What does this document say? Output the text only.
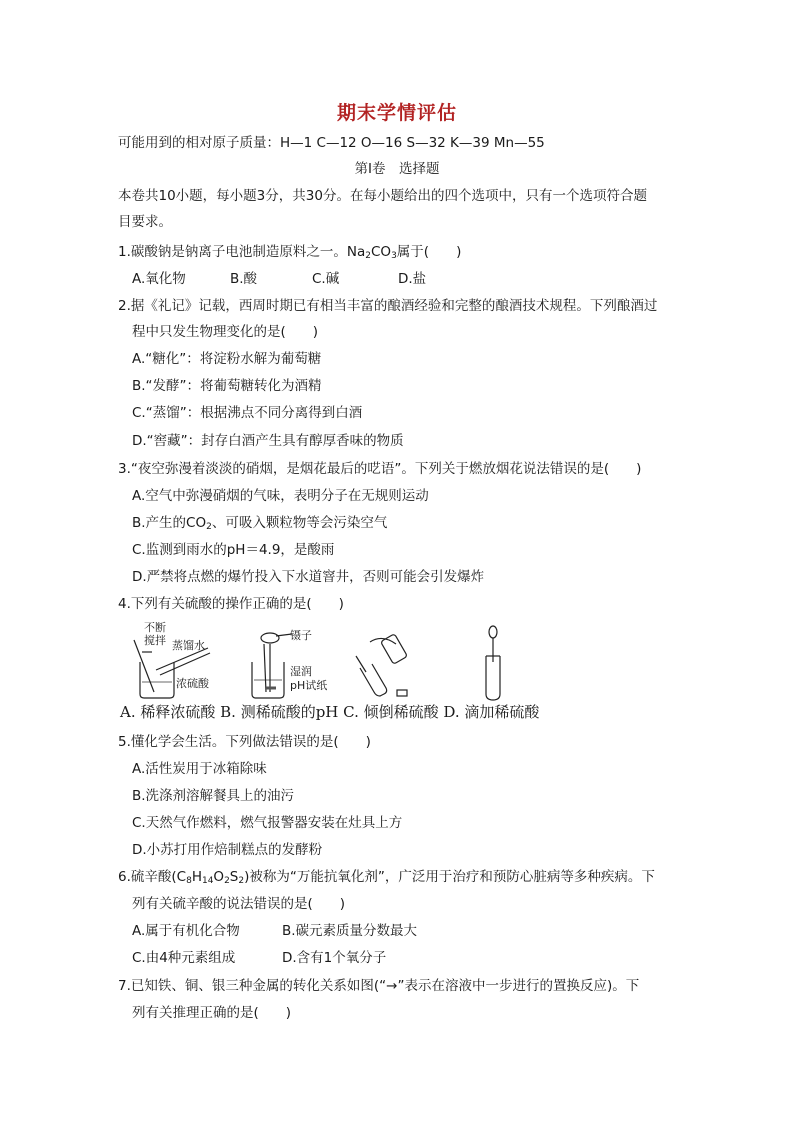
期末学情评估
可能用到的相对原子质量：H—1 C—12 O—16 S—32 K—39 Mn—55
第Ⅰ卷　选择题
本卷共10小题，每小题3分，共30分。在每小题给出的四个选项中，只有一个选项符合题
目要求。
1.碳酸钠是钠离子电池制造原料之一。$Na_2CO_3$属于(　　)
A.氧化物	B.酸	C.碱	D.盐
2.据《礼记》记载，西周时期已有相当丰富的酿酒经验和完整的酿酒技术规程。下列酿酒过
程中只发生物理变化的是(　　)
A.“糖化”：将淀粉水解为葡萄糖
B.“发酵”：将葡萄糖转化为酒精
C.“蒸馏”：根据沸点不同分离得到白酒
D.“窖藏”：封存白酒产生具有醇厚香味的物质
3.“夜空弥漫着淡淡的硝烟，是烟花最后的呓语”。下列关于燃放烟花说法错误的是(　　)
A.空气中弥漫硝烟的气味，表明分子在无规则运动
B.产生的$CO_2$、可吸入颗粒物等会污染空气
C.监测到雨水的pH＝4.9，是酸雨
D.严禁将点燃的爆竹投入下水道窨井，否则可能会引发爆炸
4.下列有关硫酸的操作正确的是(　　)
不断
搅拌 蒸馏水
浓硫酸
镊子
湿润
pH试纸
A. 稀释浓硫酸 B. 测稀硫酸的pH C. 倾倒稀硫酸 D. 滴加稀硫酸
5.懂化学会生活。下列做法错误的是(　　)
A.活性炭用于冰箱除味
B.洗涤剂溶解餐具上的油污
C.天然气作燃料，燃气报警器安装在灶具上方
D.小苏打用作焙制糕点的发酵粉
6.硫辛酸$(C_8H_{14}O_2S_2)$被称为“万能抗氧化剂”，广泛用于治疗和预防心脏病等多种疾病。下
列有关硫辛酸的说法错误的是(　　)
A.属于有机化合物	B.碳元素质量分数最大
C.由4种元素组成	D.含有1个氧分子
7.已知铁、铜、银三种金属的转化关系如图(“→”表示在溶液中一步进行的置换反应)。下
列有关推理正确的是(　　)
